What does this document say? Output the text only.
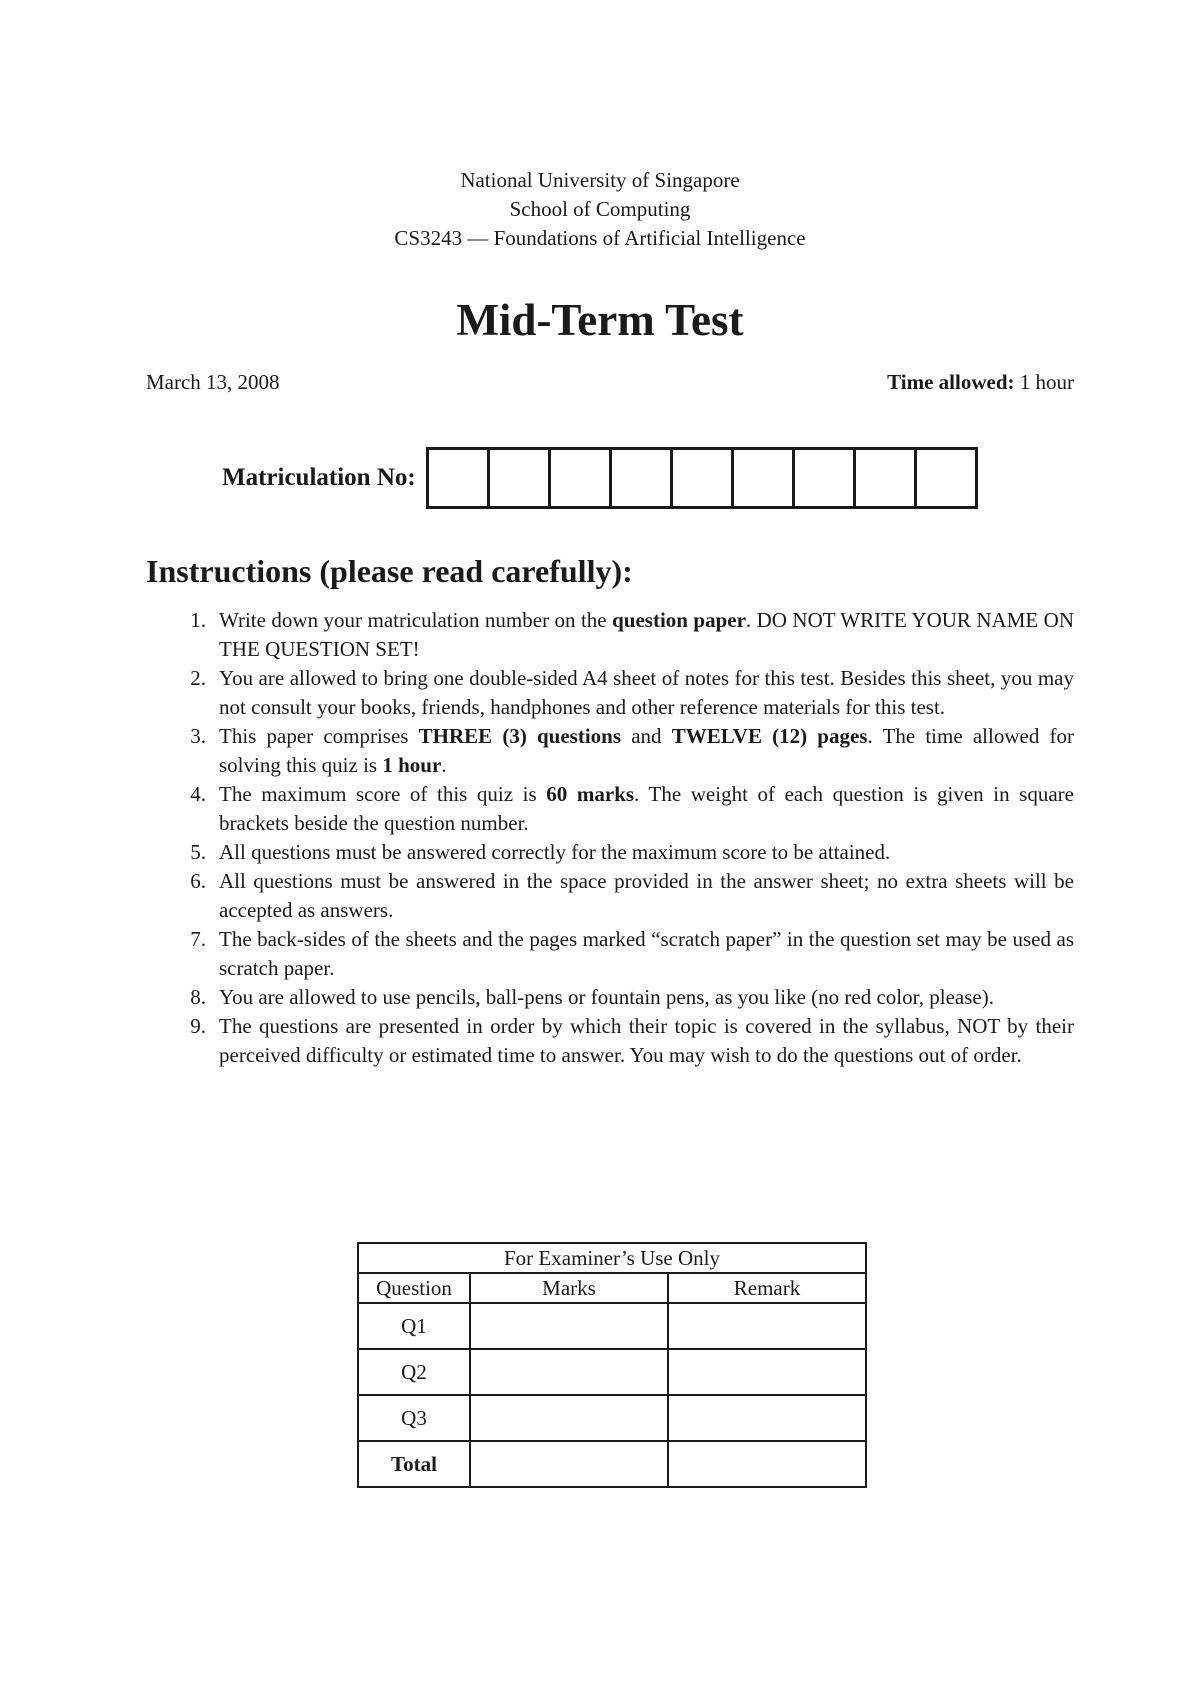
National University of Singapore
School of Computing
CS3243 — Foundations of Artificial Intelligence
Mid-Term Test
March 13, 2008	Time allowed: 1 hour
Matriculation No:
Instructions (please read carefully):
1. Write down your matriculation number on the question paper. DO NOT WRITE YOUR NAME ON THE QUESTION SET!
2. You are allowed to bring one double-sided A4 sheet of notes for this test. Besides this sheet, you may not consult your books, friends, handphones and other reference materials for this test.
3. This paper comprises THREE (3) questions and TWELVE (12) pages. The time allowed for solving this quiz is 1 hour.
4. The maximum score of this quiz is 60 marks. The weight of each question is given in square brackets beside the question number.
5. All questions must be answered correctly for the maximum score to be attained.
6. All questions must be answered in the space provided in the answer sheet; no extra sheets will be accepted as answers.
7. The back-sides of the sheets and the pages marked “scratch paper” in the question set may be used as scratch paper.
8. You are allowed to use pencils, ball-pens or fountain pens, as you like (no red color, please).
9. The questions are presented in order by which their topic is covered in the syllabus, NOT by their perceived difficulty or estimated time to answer. You may wish to do the questions out of order.
For Examiner’s Use Only		
Question	Marks	Remark
Q1		
Q2		
Q3		
Total		
